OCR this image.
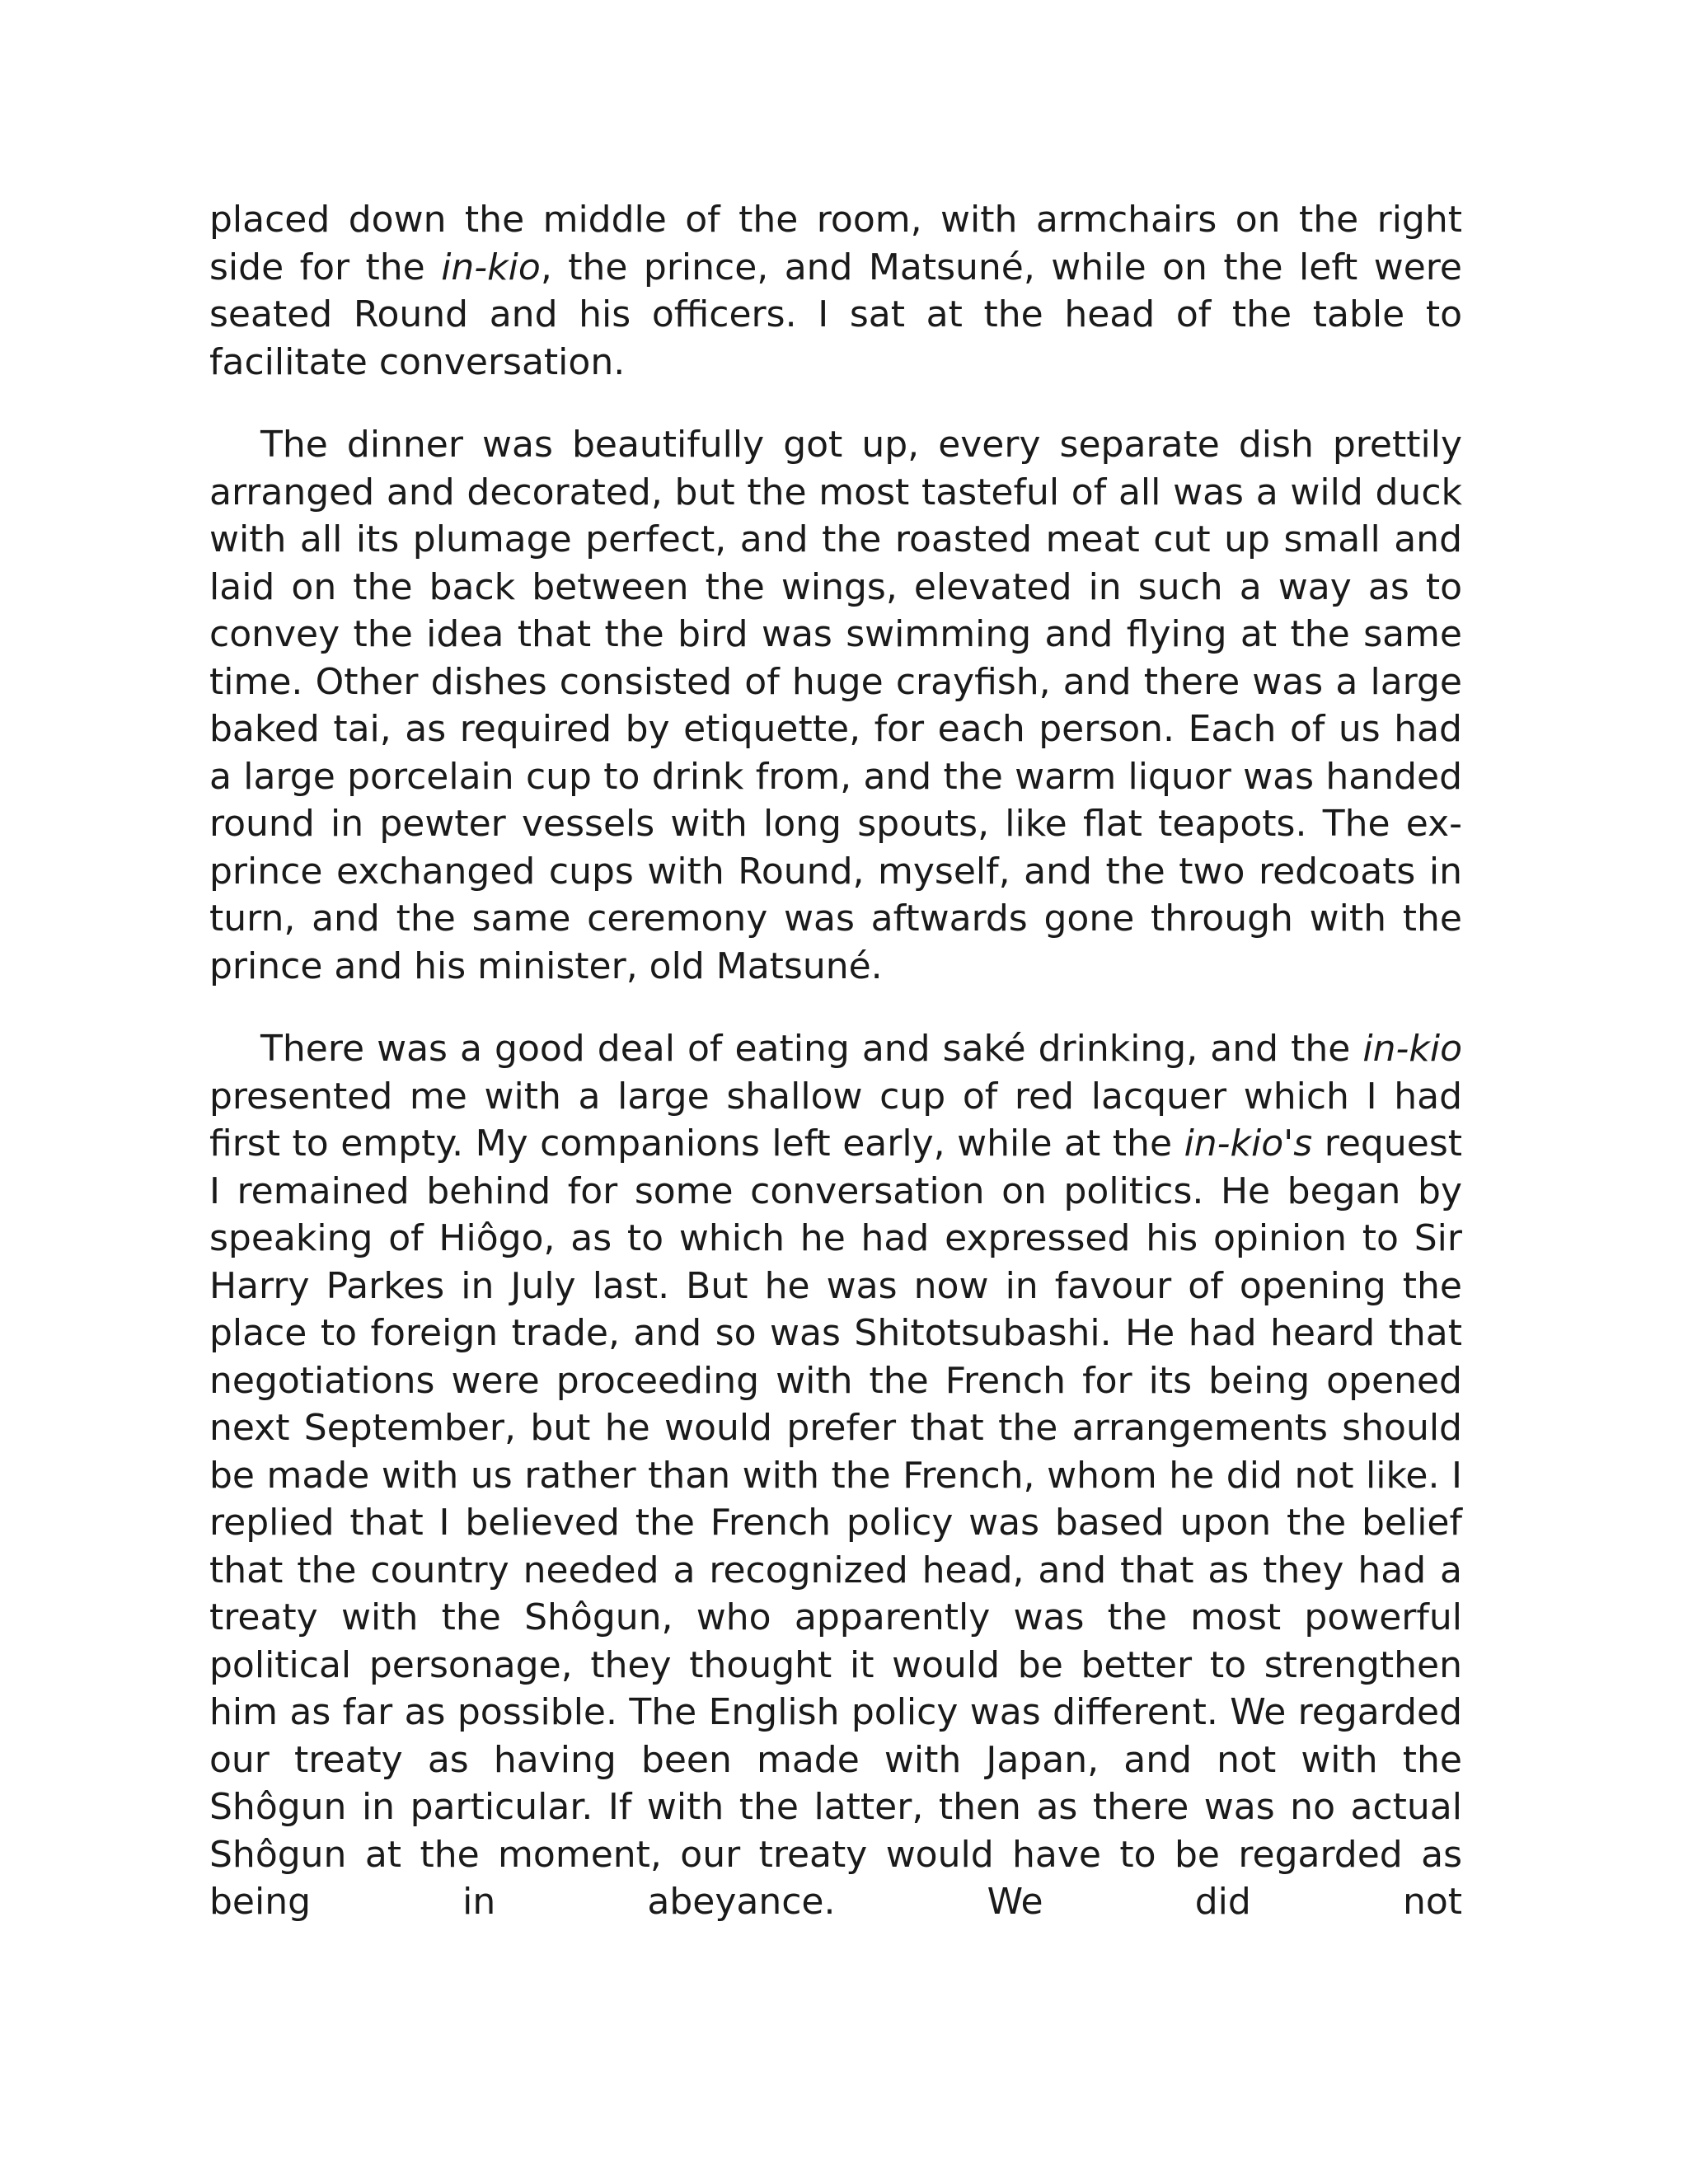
placed down the middle of the room, with armchairs on the right side for the in-kio, the prince, and Matsuné, while on the left were seated Round and his officers. I sat at the head of the table to facilitate conversation.

The dinner was beautifully got up, every separate dish prettily arranged and decorated, but the most tasteful of all was a wild duck with all its plumage perfect, and the roasted meat cut up small and laid on the back between the wings, elevated in such a way as to convey the idea that the bird was swimming and flying at the same time. Other dishes consisted of huge crayfish, and there was a large baked tai, as required by etiquette, for each person. Each of us had a large porcelain cup to drink from, and the warm liquor was handed round in pewter vessels with long spouts, like flat teapots. The ex-prince exchanged cups with Round, myself, and the two redcoats in turn, and the same ceremony was aftwards gone through with the prince and his minister, old Matsuné.

There was a good deal of eating and saké drinking, and the in-kio presented me with a large shallow cup of red lacquer which I had first to empty. My companions left early, while at the in-kio's request I remained behind for some conversation on politics. He began by speaking of Hiôgo, as to which he had expressed his opinion to Sir Harry Parkes in July last. But he was now in favour of opening the place to foreign trade, and so was Shitotsubashi. He had heard that negotiations were proceeding with the French for its being opened next September, but he would prefer that the arrangements should be made with us rather than with the French, whom he did not like. I replied that I believed the French policy was based upon the belief that the country needed a recognized head, and that as they had a treaty with the Shôgun, who apparently was the most powerful political personage, they thought it would be better to strengthen him as far as possible. The English policy was different. We regarded our treaty as having been made with Japan, and not with the Shôgun in particular. If with the latter, then as there was no actual Shôgun at the moment, our treaty would have to be regarded as being in abeyance. We did not
